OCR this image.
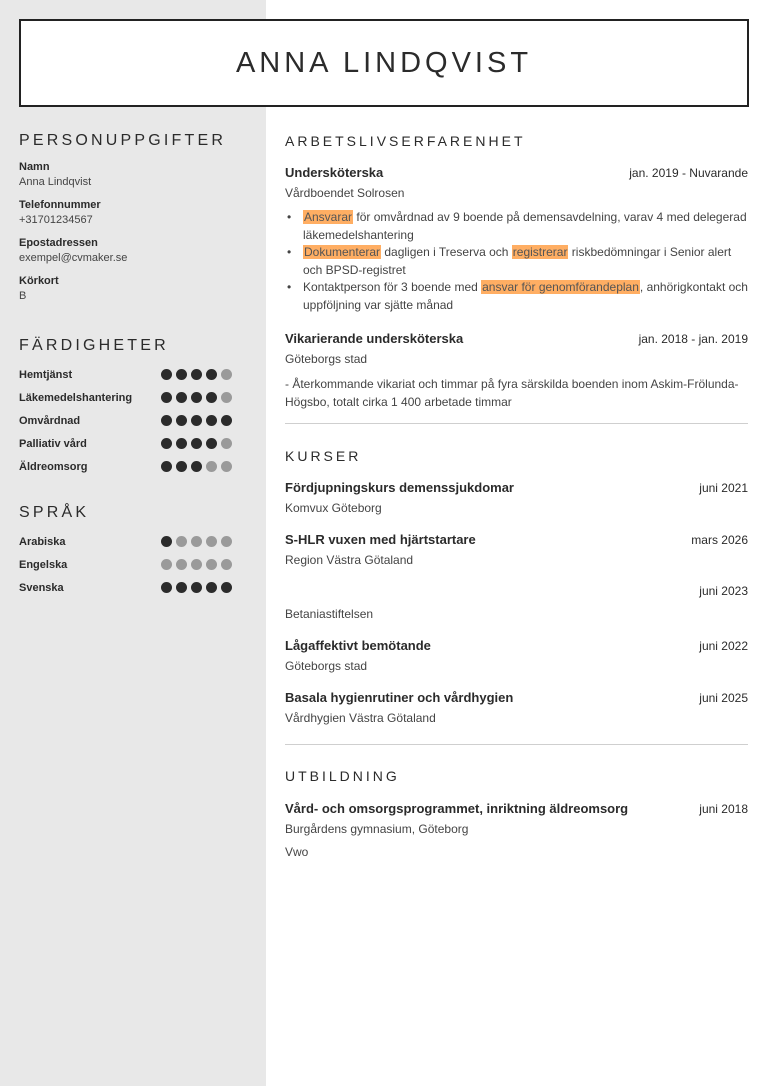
ANNA LINDQVIST
PERSONUPPGIFTER
Namn
Anna Lindqvist
Telefonnummer
+31701234567
Epostadressen
exempel@cvmaker.se
Körkort
B
FÄRDIGHETER
Hemtjänst
Läkemedelshantering
Omvårdnad
Palliativ vård
Äldreomsorg
SPRÅK
Arabiska
Engelska
Svenska
ARBETSLIVSERFARENHET
Undersköterska	jan. 2019 - Nuvarande
Vårdboendet Solrosen
• Ansvarar för omvårdnad av 9 boende på demensavdelning, varav 4 med delegerad läkemedelshantering
• Dokumenterar dagligen i Treserva och registrerar riskbedömningar i Senior alert och BPSD-registret
• Kontaktperson för 3 boende med ansvar för genomförandeplan, anhörigkontakt och uppföljning var sjätte månad
Vikarierande undersköterska	jan. 2018 - jan. 2019
Göteborgs stad
- Återkommande vikariat och timmar på fyra särskilda boenden inom Askim-Frölunda-Högsbo, totalt cirka 1 400 arbetade timmar
KURSER
Fördjupningskurs demenssjukdomar	juni 2021
Komvux Göteborg
S-HLR vuxen med hjärtstartare	mars 2026
Region Västra Götaland
juni 2023
Betaniastiftelsen
Lågaffektivt bemötande	juni 2022
Göteborgs stad
Basala hygienrutiner och vårdhygien	juni 2025
Vårdhygien Västra Götaland
UTBILDNING
Vård- och omsorgsprogrammet, inriktning äldreomsorg	juni 2018
Burgårdens gymnasium, Göteborg
Vwo
